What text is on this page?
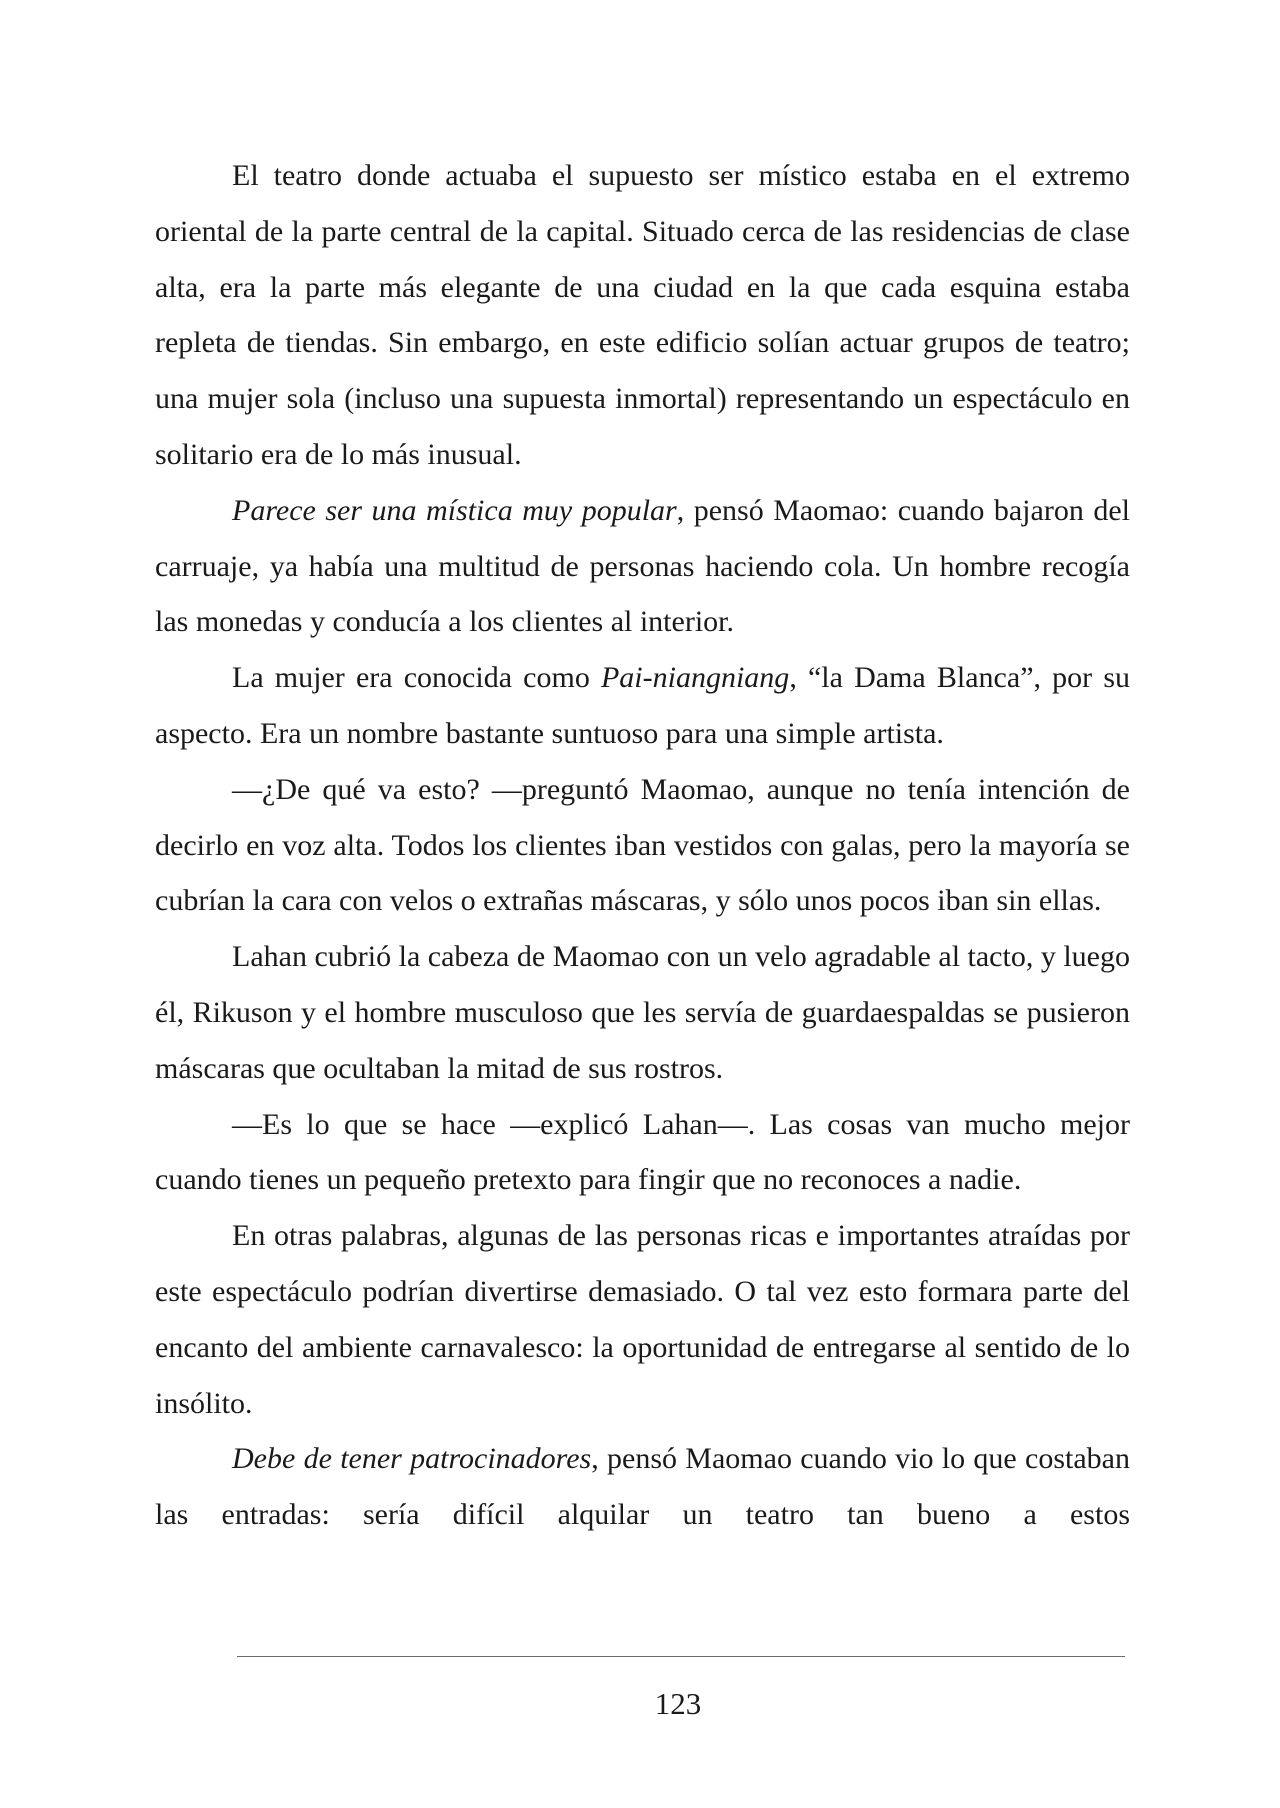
El teatro donde actuaba el supuesto ser místico estaba en el extremo oriental de la parte central de la capital. Situado cerca de las residencias de clase alta, era la parte más elegante de una ciudad en la que cada esquina estaba repleta de tiendas. Sin embargo, en este edificio solían actuar grupos de teatro; una mujer sola (incluso una supuesta inmortal) representando un espectáculo en solitario era de lo más inusual.

Parece ser una mística muy popular, pensó Maomao: cuando bajaron del carruaje, ya había una multitud de personas haciendo cola. Un hombre recogía las monedas y conducía a los clientes al interior.

La mujer era conocida como Pai-niangniang, “la Dama Blanca”, por su aspecto. Era un nombre bastante suntuoso para una simple artista.

—¿De qué va esto? —preguntó Maomao, aunque no tenía intención de decirlo en voz alta. Todos los clientes iban vestidos con galas, pero la mayoría se cubrían la cara con velos o extrañas máscaras, y sólo unos pocos iban sin ellas.

Lahan cubrió la cabeza de Maomao con un velo agradable al tacto, y luego él, Rikuson y el hombre musculoso que les servía de guardaespaldas se pusieron máscaras que ocultaban la mitad de sus rostros.

—Es lo que se hace —explicó Lahan—. Las cosas van mucho mejor cuando tienes un pequeño pretexto para fingir que no reconoces a nadie.

En otras palabras, algunas de las personas ricas e importantes atraídas por este espectáculo podrían divertirse demasiado. O tal vez esto formara parte del encanto del ambiente carnavalesco: la oportunidad de entregarse al sentido de lo insólito.

Debe de tener patrocinadores, pensó Maomao cuando vio lo que costaban las entradas: sería difícil alquilar un teatro tan bueno a estos

123
